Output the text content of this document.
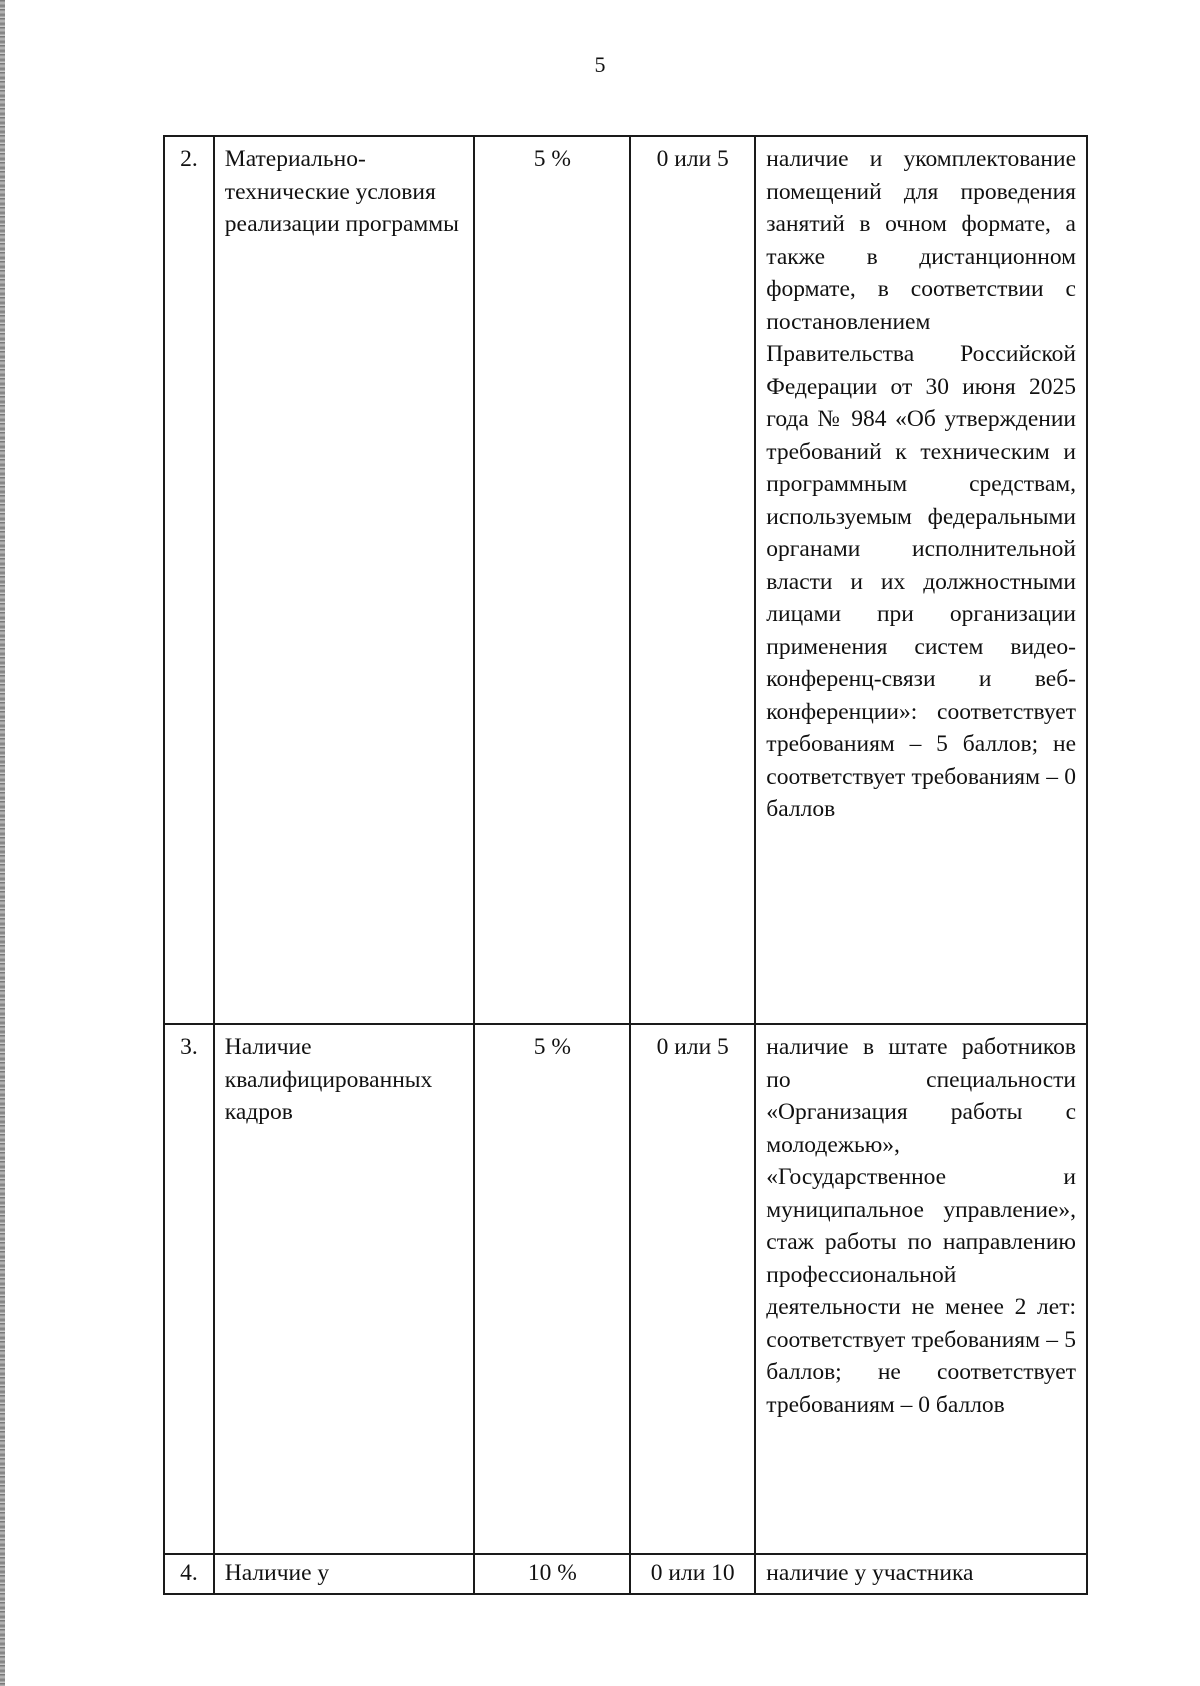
5
2.	Материально-технические условия реализации программы	5 %	0 или 5	наличие и укомплектование помещений для проведения занятий в очном формате, а также в дистанционном формате, в соответствии с постановлением Правительства Российской Федерации от 30 июня 2025 года № 984 «Об утверждении требований к техническим и программным средствам, используемым федеральными органами исполнительной власти и их должностными лицами при организации применения систем видео-конференц-связи и веб-конференции»: соответствует требованиям – 5 баллов; не соответствует требованиям – 0 баллов
3.	Наличие квалифицированных кадров	5 %	0 или 5	наличие в штате работников по специальности «Организация работы с молодежью», «Государственное и муниципальное управление», стаж работы по направлению профессиональной деятельности не менее 2 лет: соответствует требованиям – 5 баллов; не соответствует требованиям – 0 баллов
4.	Наличие у	10 %	0 или 10	наличие у участника
